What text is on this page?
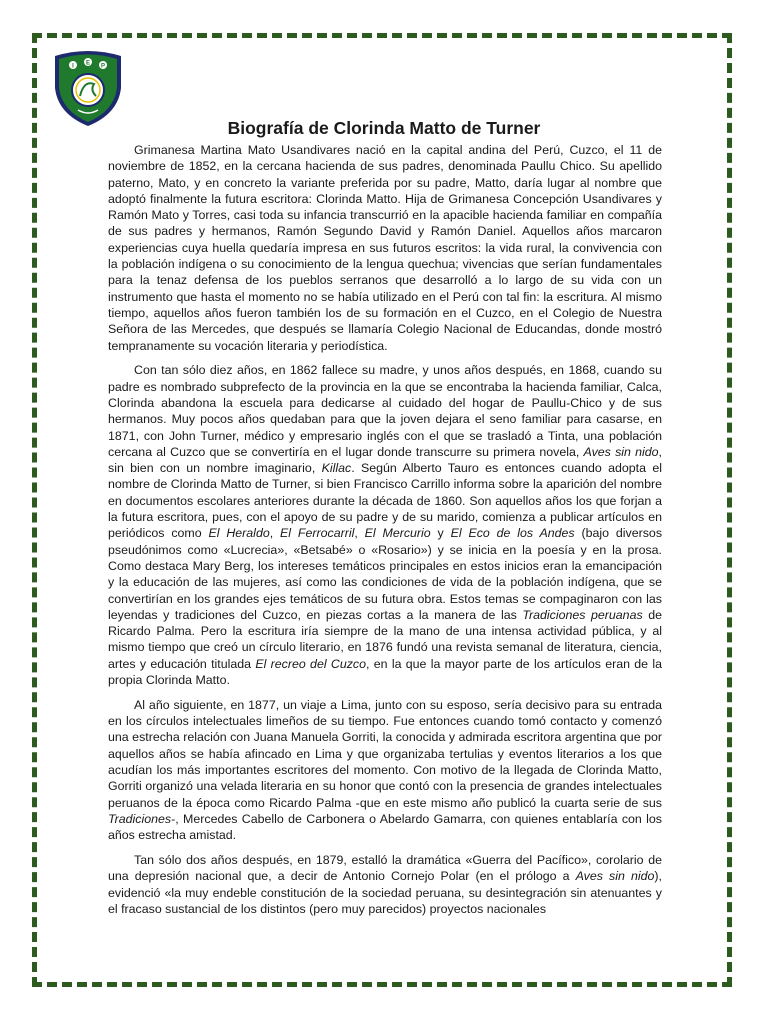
I E P
Biografía de Clorinda Matto de Turner

Grimanesa Martina Mato Usandivares nació en la capital andina del Perú, Cuzco, el 11 de noviembre de 1852, en la cercana hacienda de sus padres, denominada Paullu Chico. Su apellido paterno, Mato, y en concreto la variante preferida por su padre, Matto, daría lugar al nombre que adoptó finalmente la futura escritora: Clorinda Matto. Hija de Grimanesa Concepción Usandivares y Ramón Mato y Torres, casi toda su infancia transcurrió en la apacible hacienda familiar en compañía de sus padres y hermanos, Ramón Segundo David y Ramón Daniel. Aquellos años marcaron experiencias cuya huella quedaría impresa en sus futuros escritos: la vida rural, la convivencia con la población indígena o su conocimiento de la lengua quechua; vivencias que serían fundamentales para la tenaz defensa de los pueblos serranos que desarrolló a lo largo de su vida con un instrumento que hasta el momento no se había utilizado en el Perú con tal fin: la escritura. Al mismo tiempo, aquellos años fueron también los de su formación en el Cuzco, en el Colegio de Nuestra Señora de las Mercedes, que después se llamaría Colegio Nacional de Educandas, donde mostró tempranamente su vocación literaria y periodística.

Con tan sólo diez años, en 1862 fallece su madre, y unos años después, en 1868, cuando su padre es nombrado subprefecto de la provincia en la que se encontraba la hacienda familiar, Calca, Clorinda abandona la escuela para dedicarse al cuidado del hogar de Paullu-Chico y de sus hermanos. Muy pocos años quedaban para que la joven dejara el seno familiar para casarse, en 1871, con John Turner, médico y empresario inglés con el que se trasladó a Tinta, una población cercana al Cuzco que se convertiría en el lugar donde transcurre su primera novela, Aves sin nido, sin bien con un nombre imaginario, Killac. Según Alberto Tauro es entonces cuando adopta el nombre de Clorinda Matto de Turner, si bien Francisco Carrillo informa sobre la aparición del nombre en documentos escolares anteriores durante la década de 1860. Son aquellos años los que forjan a la futura escritora, pues, con el apoyo de su padre y de su marido, comienza a publicar artículos en periódicos como El Heraldo, El Ferrocarril, El Mercurio y El Eco de los Andes (bajo diversos pseudónimos como «Lucrecia», «Betsabé» o «Rosario») y se inicia en la poesía y en la prosa. Como destaca Mary Berg, los intereses temáticos principales en estos inicios eran la emancipación y la educación de las mujeres, así como las condiciones de vida de la población indígena, que se convertirían en los grandes ejes temáticos de su futura obra. Estos temas se compaginaron con las leyendas y tradiciones del Cuzco, en piezas cortas a la manera de las Tradiciones peruanas de Ricardo Palma. Pero la escritura iría siempre de la mano de una intensa actividad pública, y al mismo tiempo que creó un círculo literario, en 1876 fundó una revista semanal de literatura, ciencia, artes y educación titulada El recreo del Cuzco, en la que la mayor parte de los artículos eran de la propia Clorinda Matto.

Al año siguiente, en 1877, un viaje a Lima, junto con su esposo, sería decisivo para su entrada en los círculos intelectuales limeños de su tiempo. Fue entonces cuando tomó contacto y comenzó una estrecha relación con Juana Manuela Gorriti, la conocida y admirada escritora argentina que por aquellos años se había afincado en Lima y que organizaba tertulias y eventos literarios a los que acudían los más importantes escritores del momento. Con motivo de la llegada de Clorinda Matto, Gorriti organizó una velada literaria en su honor que contó con la presencia de grandes intelectuales peruanos de la época como Ricardo Palma -que en este mismo año publicó la cuarta serie de sus Tradiciones-, Mercedes Cabello de Carbonera o Abelardo Gamarra, con quienes entablaría con los años estrecha amistad.

Tan sólo dos años después, en 1879, estalló la dramática «Guerra del Pacífico», corolario de una depresión nacional que, a decir de Antonio Cornejo Polar (en el prólogo a Aves sin nido), evidenció «la muy endeble constitución de la sociedad peruana, su desintegración sin atenuantes y el fracaso sustancial de los distintos (pero muy parecidos) proyectos nacionales
